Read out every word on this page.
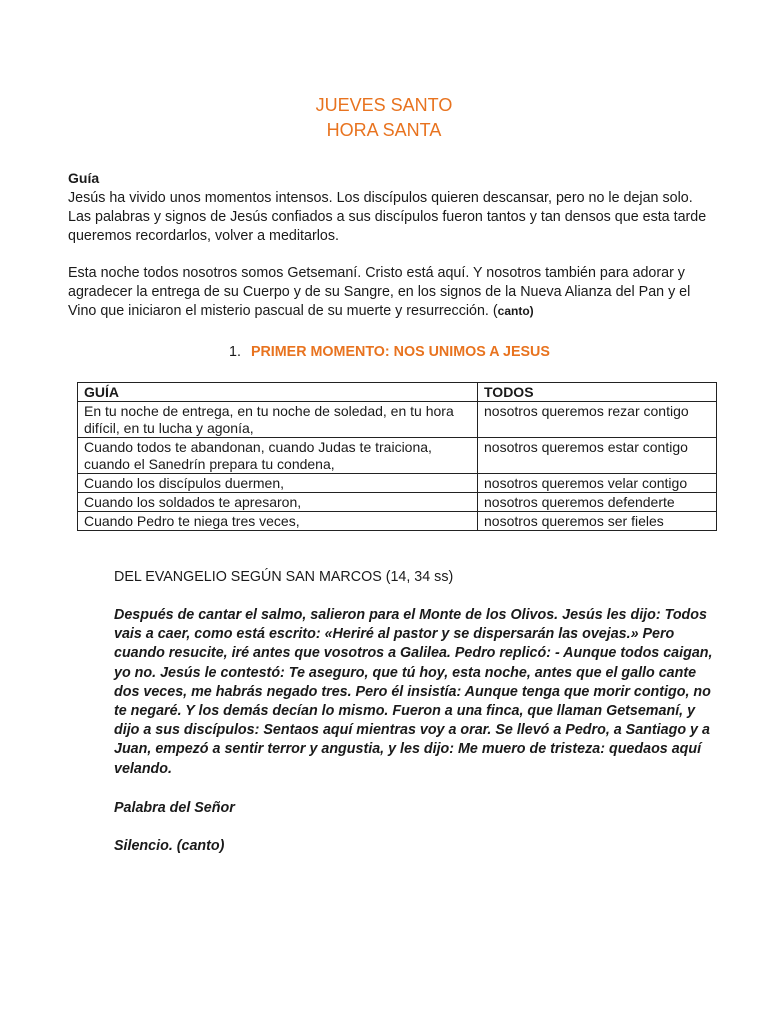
JUEVES SANTO
HORA SANTA
Guía
Jesús ha vivido unos momentos intensos. Los discípulos quieren descansar, pero no le dejan solo. Las palabras y signos de Jesús confiados a sus discípulos fueron tantos y tan densos que esta tarde queremos recordarlos, volver a meditarlos.
Esta noche todos nosotros somos Getsemaní. Cristo está aquí. Y nosotros también para adorar y agradecer la entrega de su Cuerpo y de su Sangre, en los signos de la Nueva Alianza del Pan y el Vino que iniciaron el misterio pascual de su muerte y resurrección. (canto)
1. PRIMER MOMENTO: NOS UNIMOS A JESUS
GUÍA	TODOS
En tu noche de entrega, en tu noche de soledad, en tu hora difícil, en tu lucha y agonía,	nosotros queremos rezar contigo
Cuando todos te abandonan, cuando Judas te traiciona, cuando el Sanedrín prepara tu condena,	nosotros queremos estar contigo
Cuando los discípulos duermen,	nosotros queremos velar contigo
Cuando los soldados te apresaron,	nosotros queremos defenderte
Cuando Pedro te niega tres veces,	nosotros queremos ser fieles
DEL EVANGELIO SEGÚN SAN MARCOS (14, 34 ss)
Después de cantar el salmo, salieron para el Monte de los Olivos. Jesús les dijo: Todos vais a caer, como está escrito: «Heriré al pastor y se dispersarán las ovejas.» Pero cuando resucite, iré antes que vosotros a Galilea. Pedro replicó: - Aunque todos caigan, yo no. Jesús le contestó: Te aseguro, que tú hoy, esta noche, antes que el gallo cante dos veces, me habrás negado tres. Pero él insistía: Aunque tenga que morir contigo, no te negaré. Y los demás decían lo mismo. Fueron a una finca, que llaman Getsemaní, y dijo a sus discípulos: Sentaos aquí mientras voy a orar. Se llevó a Pedro, a Santiago y a Juan, empezó a sentir terror y angustia, y les dijo: Me muero de tristeza: quedaos aquí velando.
Palabra del Señor
Silencio. (canto)
